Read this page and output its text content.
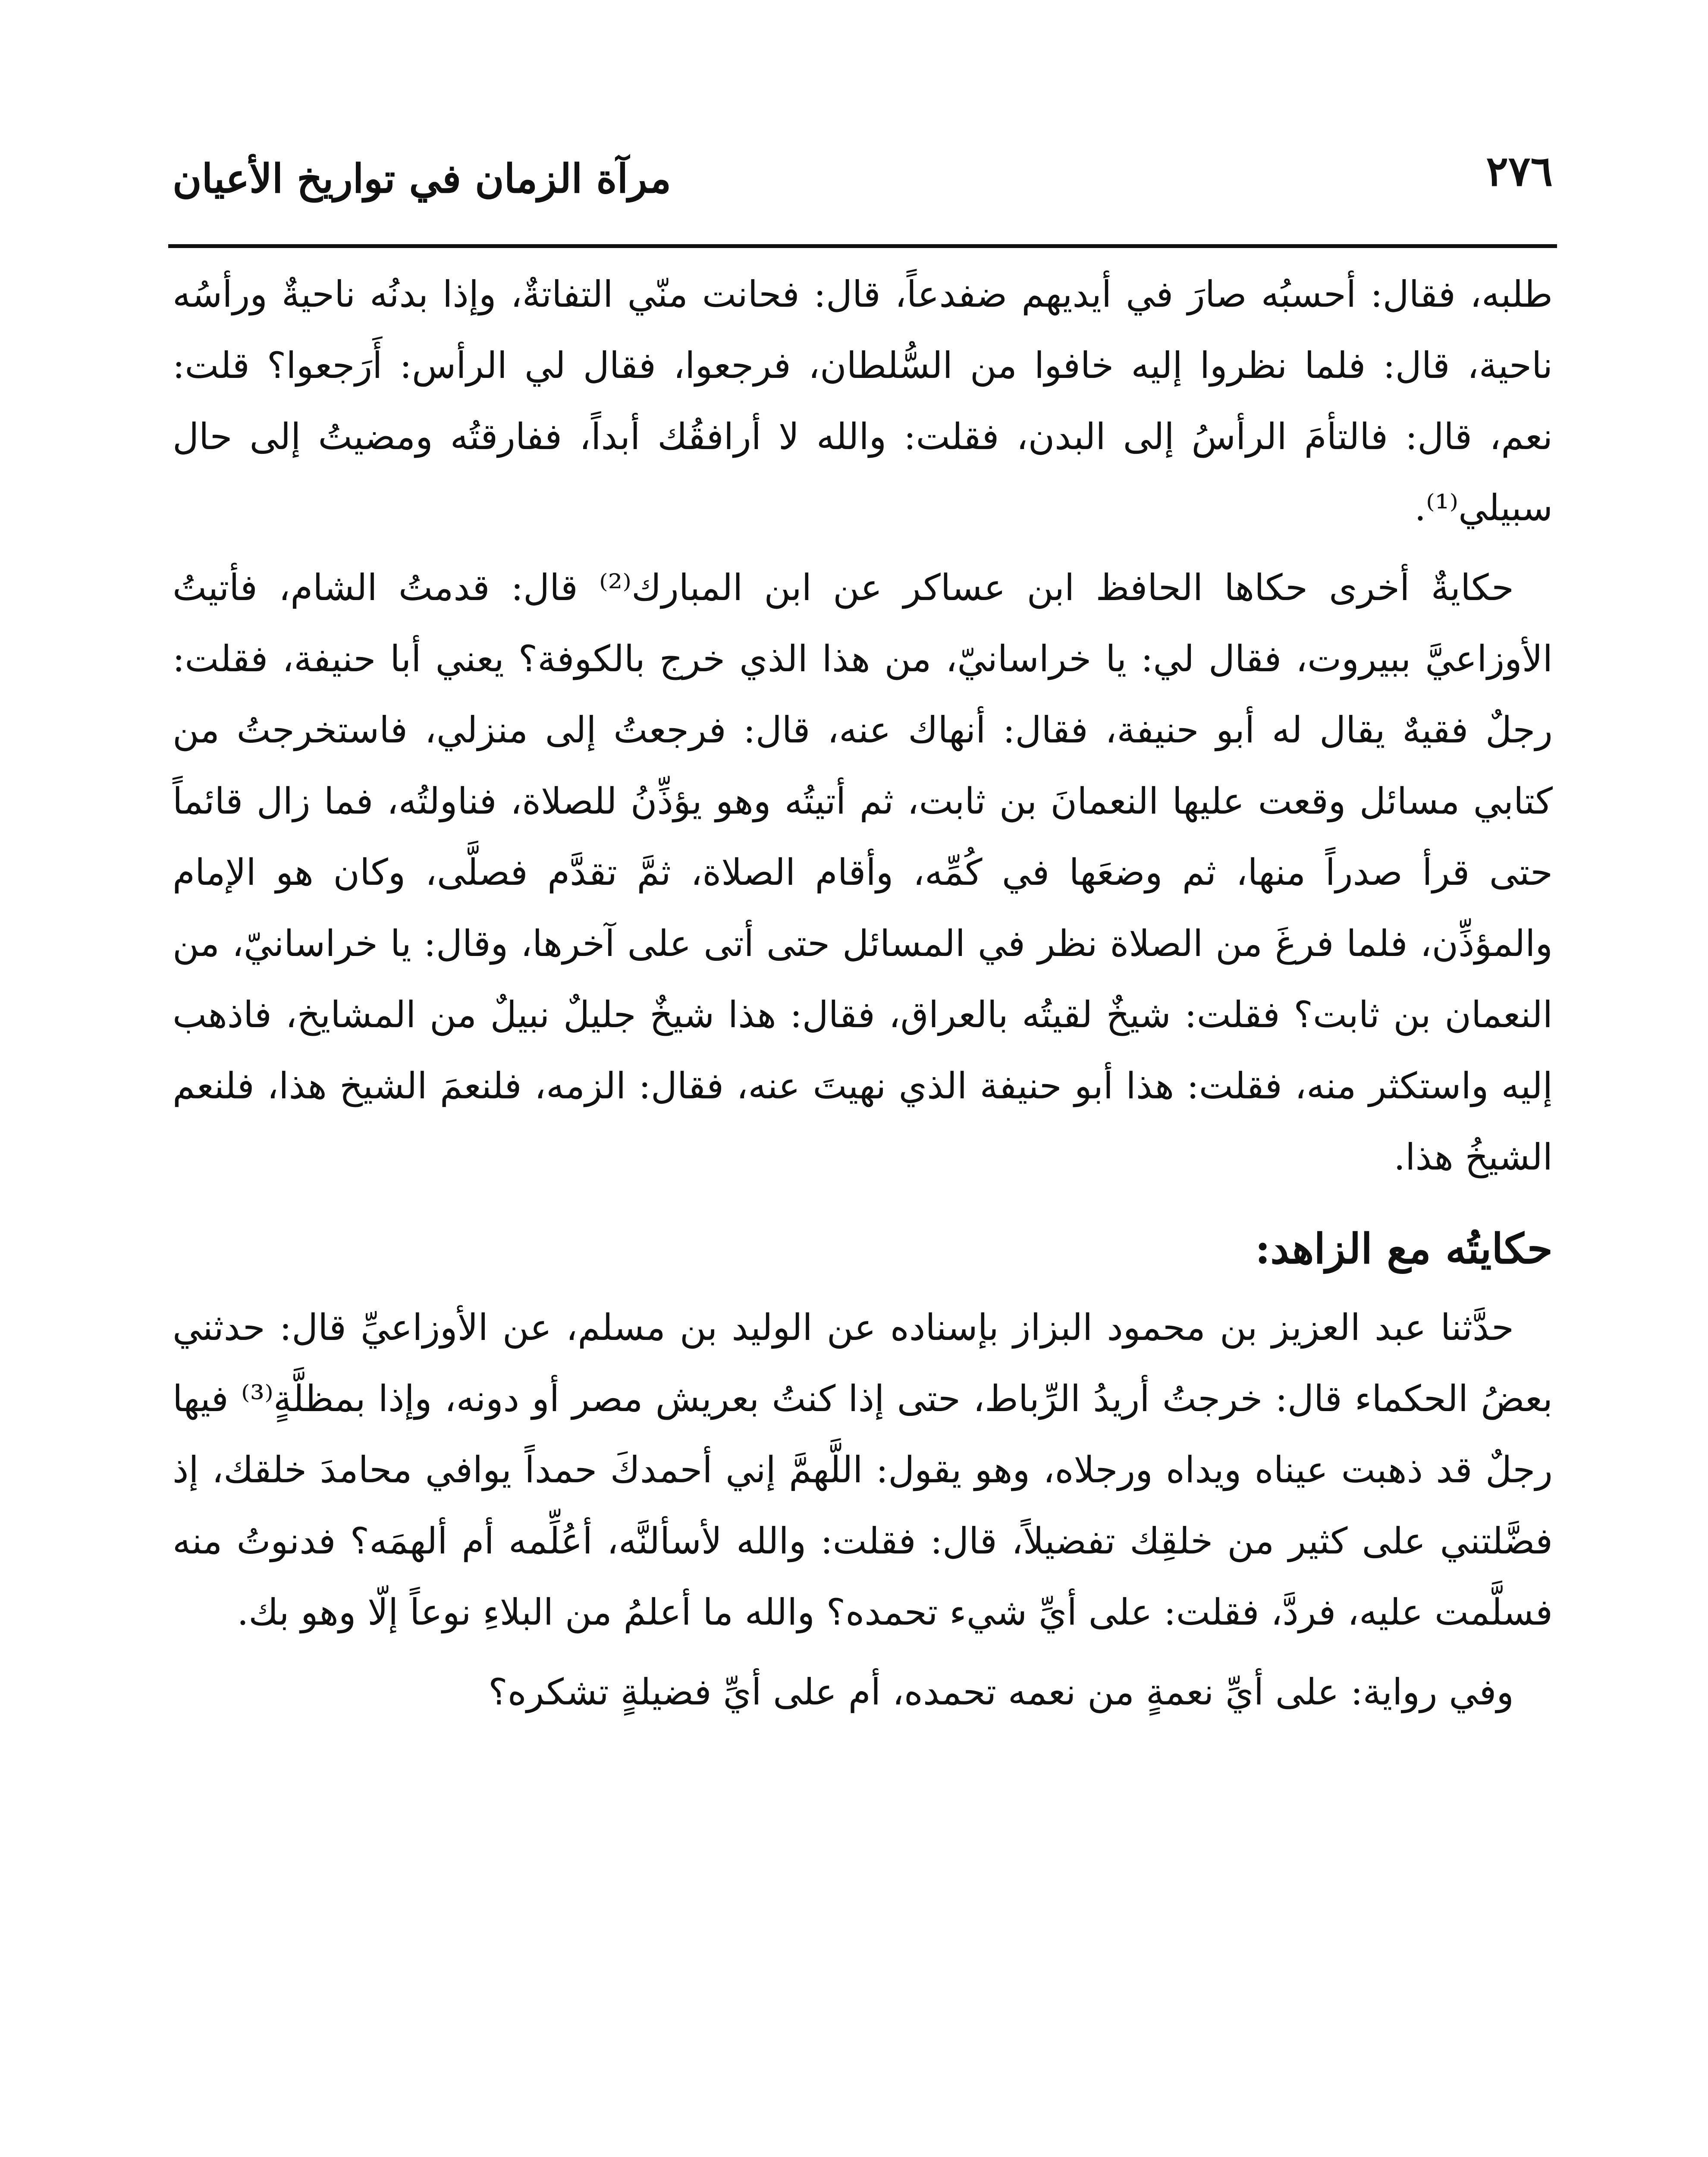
٢٧٦
مرآة الزمان في تواريخ الأعيان

طلبه، فقال: أحسبُه صارَ في أيديهم ضفدعاً، قال: فحانت منّي التفاتةٌ، وإذا بدنُه ناحيةٌ ورأسُه ناحية، قال: فلما نظروا إليه خافوا من السُّلطان، فرجعوا، فقال لي الرأس: أَرَجعوا؟ قلت: نعم، قال: فالتأمَ الرأسُ إلى البدن، فقلت: والله لا أرافقُك أبداً، ففارقتُه ومضيتُ إلى حال سبيلي⁽¹⁾.

حكايةٌ أخرى حكاها الحافظ ابن عساكر عن ابن المبارك⁽²⁾ قال: قدمتُ الشام، فأتيتُ الأوزاعيَّ ببيروت، فقال لي: يا خراسانيّ، من هذا الذي خرج بالكوفة؟ يعني أبا حنيفة، فقلت: رجلٌ فقيهٌ يقال له أبو حنيفة، فقال: أنهاك عنه، قال: فرجعتُ إلى منزلي، فاستخرجتُ من كتابي مسائل وقعت عليها النعمانَ بن ثابت، ثم أتيتُه وهو يؤذِّنُ للصلاة، فناولتُه، فما زال قائماً حتى قرأ صدراً منها، ثم وضعَها في كُمِّه، وأقام الصلاة، ثمَّ تقدَّم فصلَّى، وكان هو الإمام والمؤذِّن، فلما فرغَ من الصلاة نظر في المسائل حتى أتى على آخرها، وقال: يا خراسانيّ، من النعمان بن ثابت؟ فقلت: شيخٌ لقيتُه بالعراق، فقال: هذا شيخٌ جليلٌ نبيلٌ من المشايخ، فاذهب إليه واستكثر منه، فقلت: هذا أبو حنيفة الذي نهيتَ عنه، فقال: الزمه، فلنعمَ الشيخ هذا، فلنعم الشيخُ هذا.

حكايتُه مع الزاهد:

حدَّثنا عبد العزيز بن محمود البزاز بإسناده عن الوليد بن مسلم، عن الأوزاعيِّ قال: حدثني بعضُ الحكماء قال: خرجتُ أريدُ الرِّباط، حتى إذا كنتُ بعريش مصر أو دونه، وإذا بمظلَّةٍ⁽³⁾ فيها رجلٌ قد ذهبت عيناه ويداه ورجلاه، وهو يقول: اللَّهمَّ إني أحمدكَ حمداً يوافي محامدَ خلقك، إذ فضَّلتني على كثير من خلقِك تفضيلاً، قال: فقلت: والله لأسألنَّه، أعُلِّمه أم ألهمَه؟ فدنوتُ منه فسلَّمت عليه، فردَّ، فقلت: على أيِّ شيء تحمده؟ والله ما أعلمُ من البلاءِ نوعاً إلّا وهو بك.

وفي رواية: على أيِّ نعمةٍ من نعمه تحمده، أم على أيِّ فضيلةٍ تشكره؟
